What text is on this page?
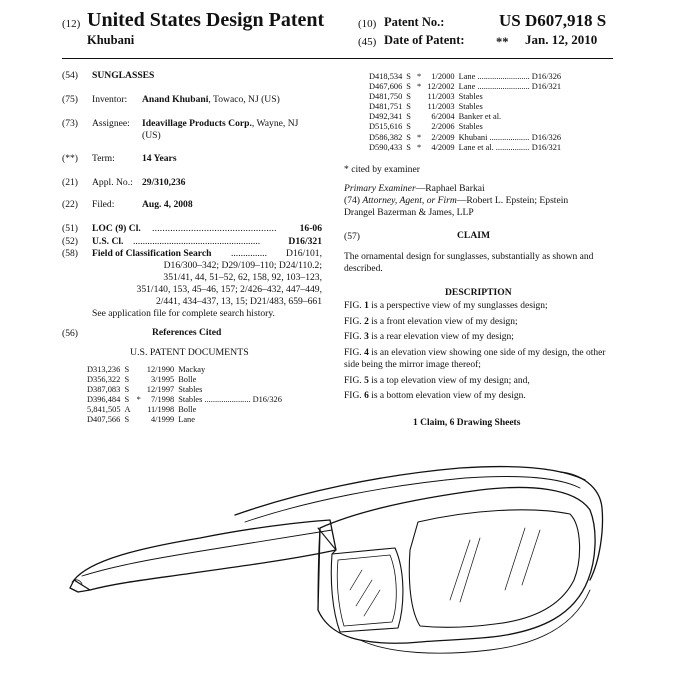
(12) United States Design Patent
Khubani
(10) Patent No.:	US D607,918 S
(45) Date of Patent:	** Jan. 12, 2010
(54) SUNGLASSES
(75) Inventor: Anand Khubani, Towaco, NJ (US)
(73) Assignee: Ideavillage Products Corp., Wayne, NJ
(US)
(**) Term:	14 Years
(21) Appl. No.: 29/310,236
(22) Filed:	Aug. 4, 2008
(51) LOC (9) Cl. ................................................ 16-06
(52) U.S. Cl. .....................................................	D16/321
(58) Field of Classification Search ............... D16/101,
D16/300–342; D29/109–110; D24/110.2;
351/41, 44, 51–52, 62, 158, 92, 103–123,
351/140, 153, 45–46, 157; 2/426–432, 447–449,
2/441, 434–437, 13, 15; D21/483, 659–661
See application file for complete search history.
(56)	References Cited
U.S. PATENT DOCUMENTS
D313,236	S		12/1990	Mackay	
D356,322	S		3/1995	Bolle	
D387,083	S		12/1997	Stables	
D396,484	S	*	7/1998	Stables ......................	D16/326
5,841,505	A		11/1998	Bolle	
D407,566	S		4/1999	Lane	
D418,534	S	*	1/2000	Lane .........................	D16/326
D467,606	S	*	12/2002	Lane .........................	D16/321
D481,750	S		11/2003	Stables	
D481,751	S		11/2003	Stables	
D492,341	S		6/2004	Banker et al.	
D515,616	S		2/2006	Stables	
D586,382	S	*	2/2009	Khubani ...................	D16/326
D590,433	S	*	4/2009	Lane et al. ................	D16/321
* cited by examiner
Primary Examiner—Raphael Barkai
(74) Attorney, Agent, or Firm—Robert L. Epstein; Epstein
Drangel Bazerman & James, LLP
(57)	CLAIM
The ornamental design for sunglasses, substantially as shown and described.
DESCRIPTION
FIG. 1 is a perspective view of my sunglasses design;
FIG. 2 is a front elevation view of my design;
FIG. 3 is a rear elevation view of my design;
FIG. 4 is an elevation view showing one side of my design, the other side being the mirror image thereof;
FIG. 5 is a top elevation view of my design; and,
FIG. 6 is a bottom elevation view of my design.
1 Claim, 6 Drawing Sheets
